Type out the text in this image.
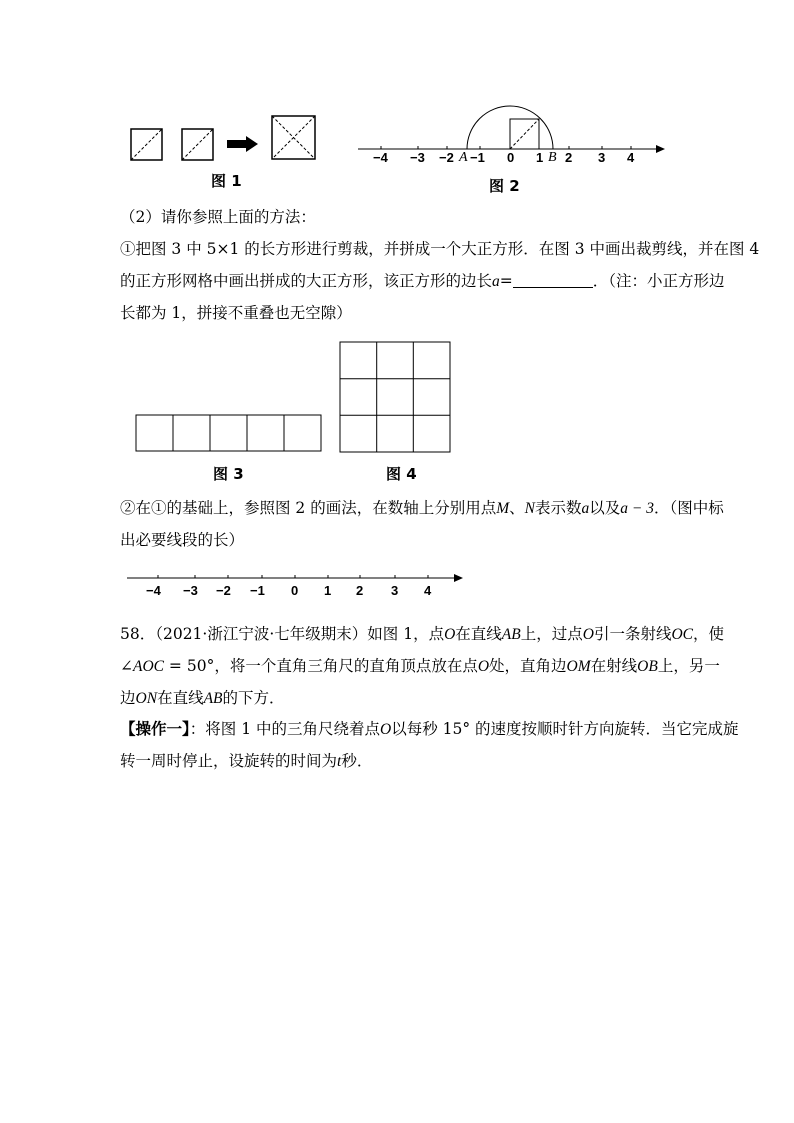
图 1
−4 −3 −2 A −1 0 1 B 2 3 4
图 2
（2）请你参照上面的方法：
①把图 3 中 5×1 的长方形进行剪裁，并拼成一个大正方形．在图 3 中画出裁剪线，并在图 4
的正方形网格中画出拼成的大正方形，该正方形的边长a=	．（注：小正方形边
长都为 1，拼接不重叠也无空隙）
图 3	图 4
②在①的基础上，参照图 2 的画法，在数轴上分别用点M、N表示数a以及a − 3．（图中标
出必要线段的长）
−4 −3 −2 −1 0 1 2 3 4
58．（2021·浙江宁波·七年级期末）如图 1，点O在直线AB上，过点O引一条射线OC，使
∠AOC = 50°，将一个直角三角尺的直角顶点放在点O处，直角边OM在射线OB上，另一
边ON在直线AB的下方．
【操作一】：将图 1 中的三角尺绕着点O以每秒 15° 的速度按顺时针方向旋转．当它完成旋
转一周时停止，设旋转的时间为t秒．
